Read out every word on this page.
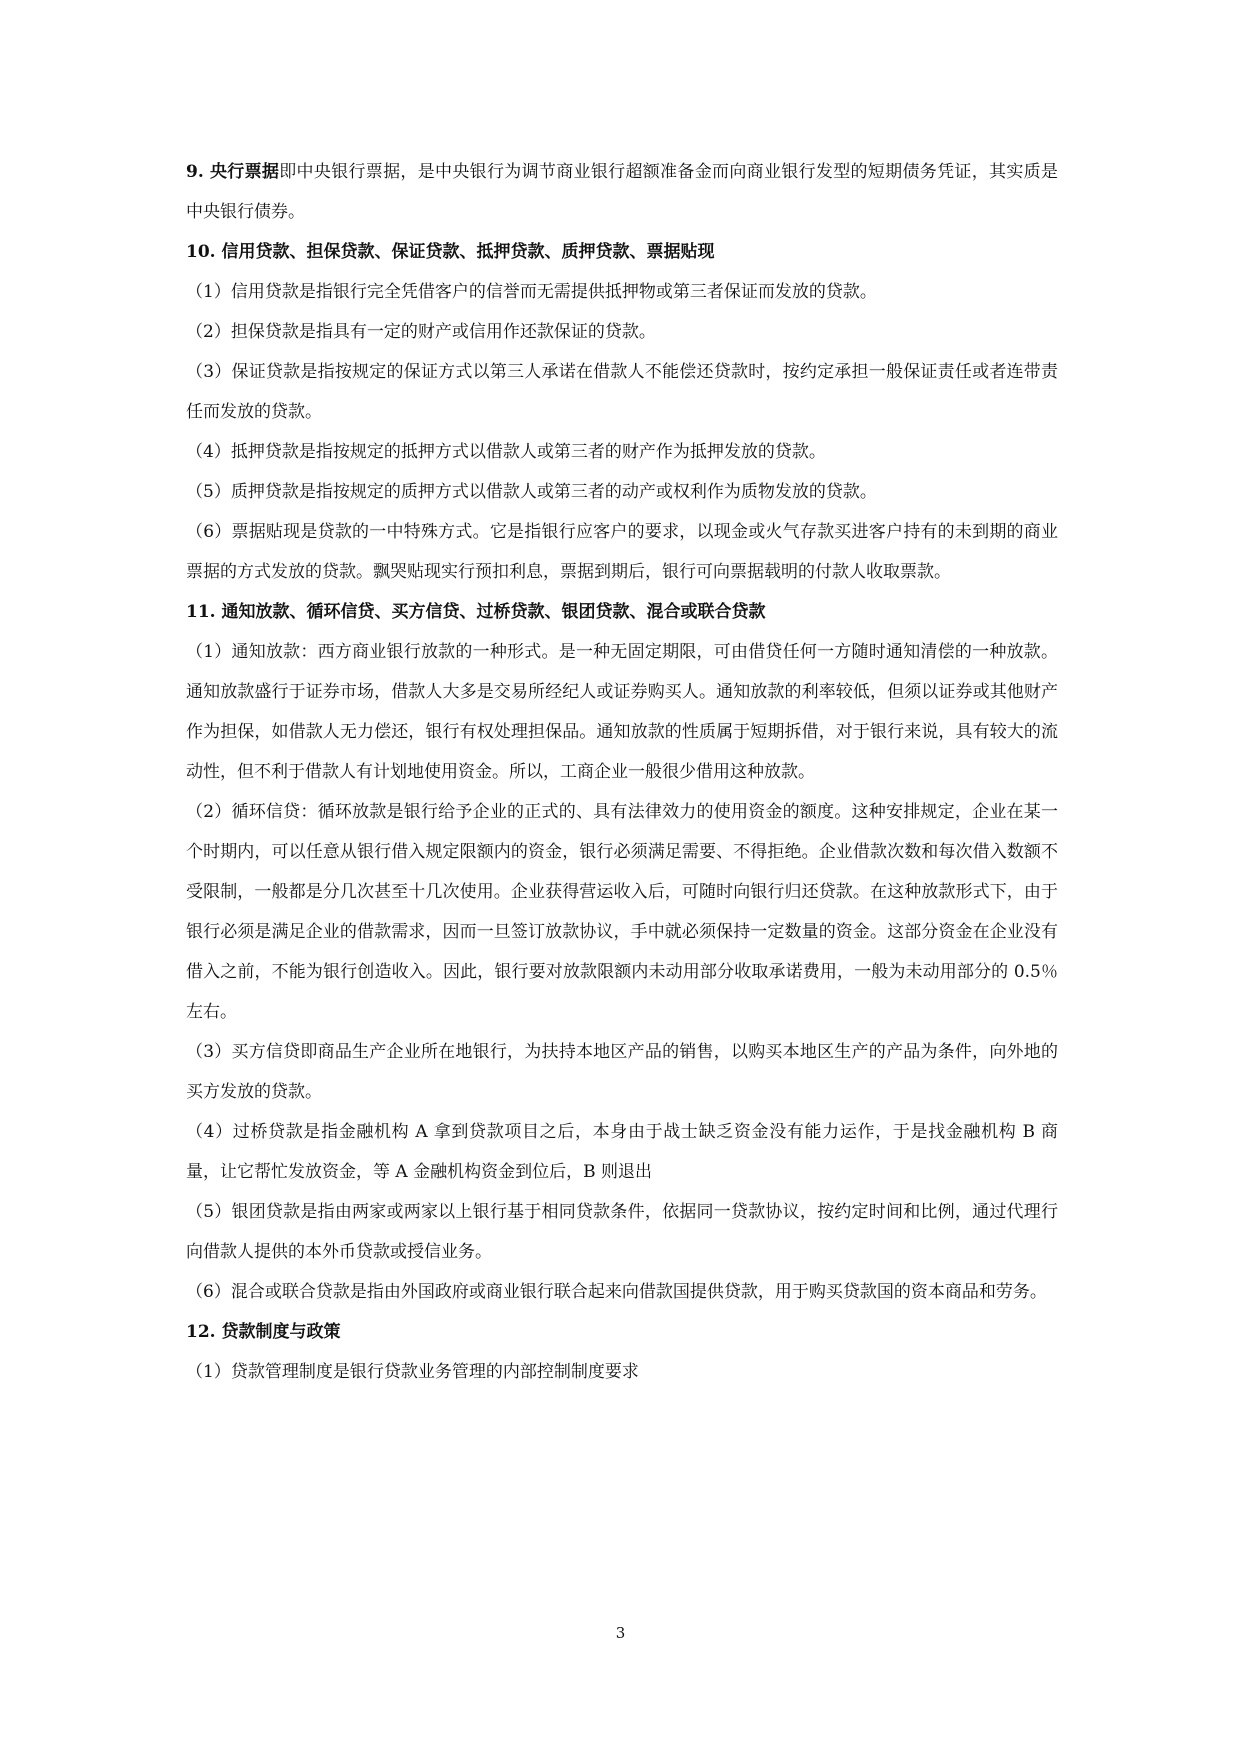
9. 央行票据即中央银行票据，是中央银行为调节商业银行超额准备金而向商业银行发型的短期债务凭证，其实质是中央银行债券。

10. 信用贷款、担保贷款、保证贷款、抵押贷款、质押贷款、票据贴现

（1）信用贷款是指银行完全凭借客户的信誉而无需提供抵押物或第三者保证而发放的贷款。

（2）担保贷款是指具有一定的财产或信用作还款保证的贷款。

（3）保证贷款是指按规定的保证方式以第三人承诺在借款人不能偿还贷款时，按约定承担一般保证责任或者连带责任而发放的贷款。

（4）抵押贷款是指按规定的抵押方式以借款人或第三者的财产作为抵押发放的贷款。

（5）质押贷款是指按规定的质押方式以借款人或第三者的动产或权利作为质物发放的贷款。

（6）票据贴现是贷款的一中特殊方式。它是指银行应客户的要求，以现金或火气存款买进客户持有的未到期的商业票据的方式发放的贷款。飘哭贴现实行预扣利息，票据到期后，银行可向票据载明的付款人收取票款。

11. 通知放款、循环信贷、买方信贷、过桥贷款、银团贷款、混合或联合贷款

（1）通知放款：西方商业银行放款的一种形式。是一种无固定期限，可由借贷任何一方随时通知清偿的一种放款。通知放款盛行于证券市场，借款人大多是交易所经纪人或证券购买人。通知放款的利率较低，但须以证券或其他财产作为担保，如借款人无力偿还，银行有权处理担保品。通知放款的性质属于短期拆借，对于银行来说，具有较大的流动性，但不利于借款人有计划地使用资金。所以，工商企业一般很少借用这种放款。

（2）循环信贷：循环放款是银行给予企业的正式的、具有法律效力的使用资金的额度。这种安排规定，企业在某一个时期内，可以任意从银行借入规定限额内的资金，银行必须满足需要、不得拒绝。企业借款次数和每次借入数额不受限制，一般都是分几次甚至十几次使用。企业获得营运收入后，可随时向银行归还贷款。在这种放款形式下，由于银行必须是满足企业的借款需求，因而一旦签订放款协议，手中就必须保持一定数量的资金。这部分资金在企业没有借入之前，不能为银行创造收入。因此，银行要对放款限额内未动用部分收取承诺费用，一般为未动用部分的 0.5％左右。

（3）买方信贷即商品生产企业所在地银行，为扶持本地区产品的销售，以购买本地区生产的产品为条件，向外地的买方发放的贷款。

（4）过桥贷款是指金融机构 A 拿到贷款项目之后，本身由于战士缺乏资金没有能力运作，于是找金融机构 B 商量，让它帮忙发放资金，等 A 金融机构资金到位后，B 则退出

（5）银团贷款是指由两家或两家以上银行基于相同贷款条件，依据同一贷款协议，按约定时间和比例，通过代理行向借款人提供的本外币贷款或授信业务。

（6）混合或联合贷款是指由外国政府或商业银行联合起来向借款国提供贷款，用于购买贷款国的资本商品和劳务。

12. 贷款制度与政策

（1）贷款管理制度是银行贷款业务管理的内部控制制度要求

3
